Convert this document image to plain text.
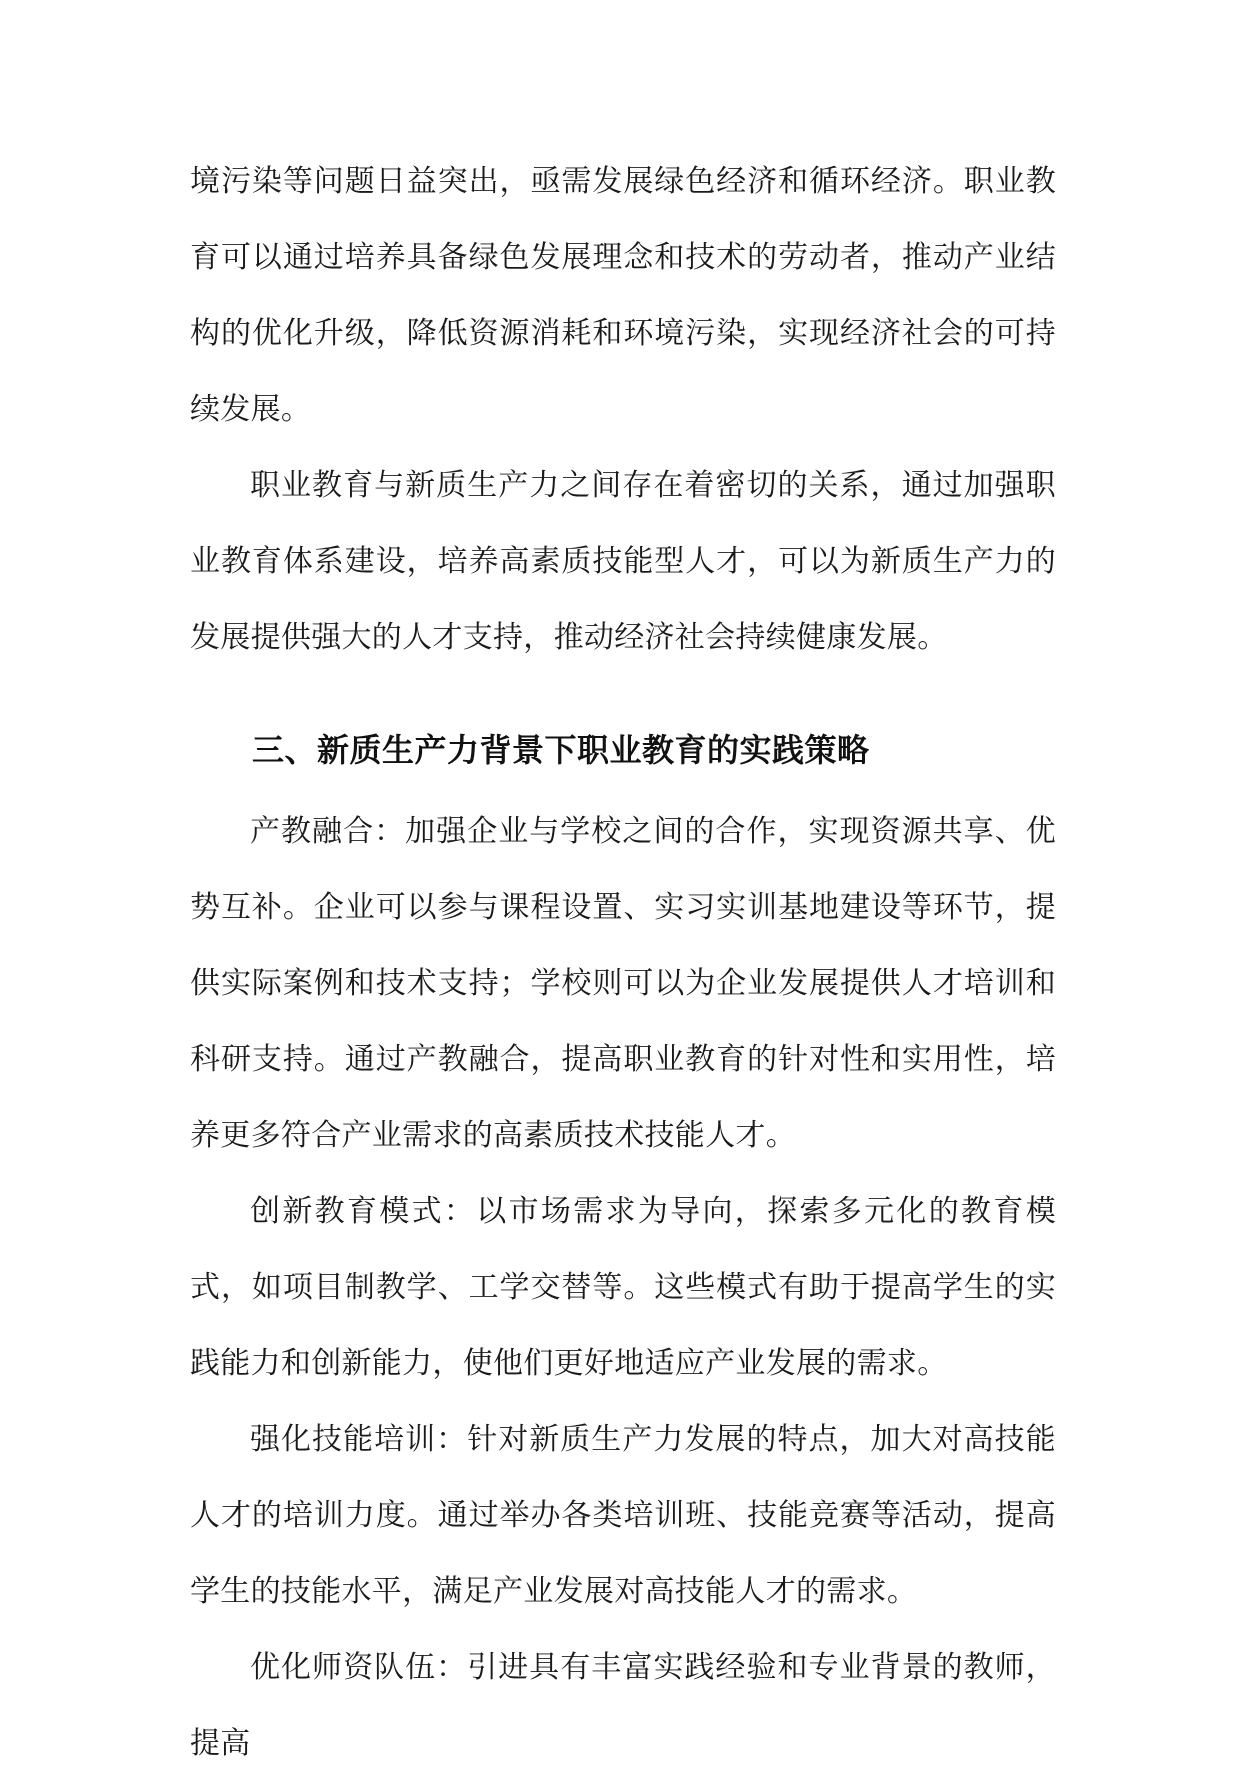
境污染等问题日益突出，亟需发展绿色经济和循环经济。职业教育可以通过培养具备绿色发展理念和技术的劳动者，推动产业结构的优化升级，降低资源消耗和环境污染，实现经济社会的可持续发展。

职业教育与新质生产力之间存在着密切的关系，通过加强职业教育体系建设，培养高素质技能型人才，可以为新质生产力的发展提供强大的人才支持，推动经济社会持续健康发展。

三、新质生产力背景下职业教育的实践策略

产教融合：加强企业与学校之间的合作，实现资源共享、优势互补。企业可以参与课程设置、实习实训基地建设等环节，提供实际案例和技术支持；学校则可以为企业发展提供人才培训和科研支持。通过产教融合，提高职业教育的针对性和实用性，培养更多符合产业需求的高素质技术技能人才。

创新教育模式：以市场需求为导向，探索多元化的教育模式，如项目制教学、工学交替等。这些模式有助于提高学生的实践能力和创新能力，使他们更好地适应产业发展的需求。

强化技能培训：针对新质生产力发展的特点，加大对高技能人才的培训力度。通过举办各类培训班、技能竞赛等活动，提高学生的技能水平，满足产业发展对高技能人才的需求。

优化师资队伍：引进具有丰富实践经验和专业背景的教师，提高
